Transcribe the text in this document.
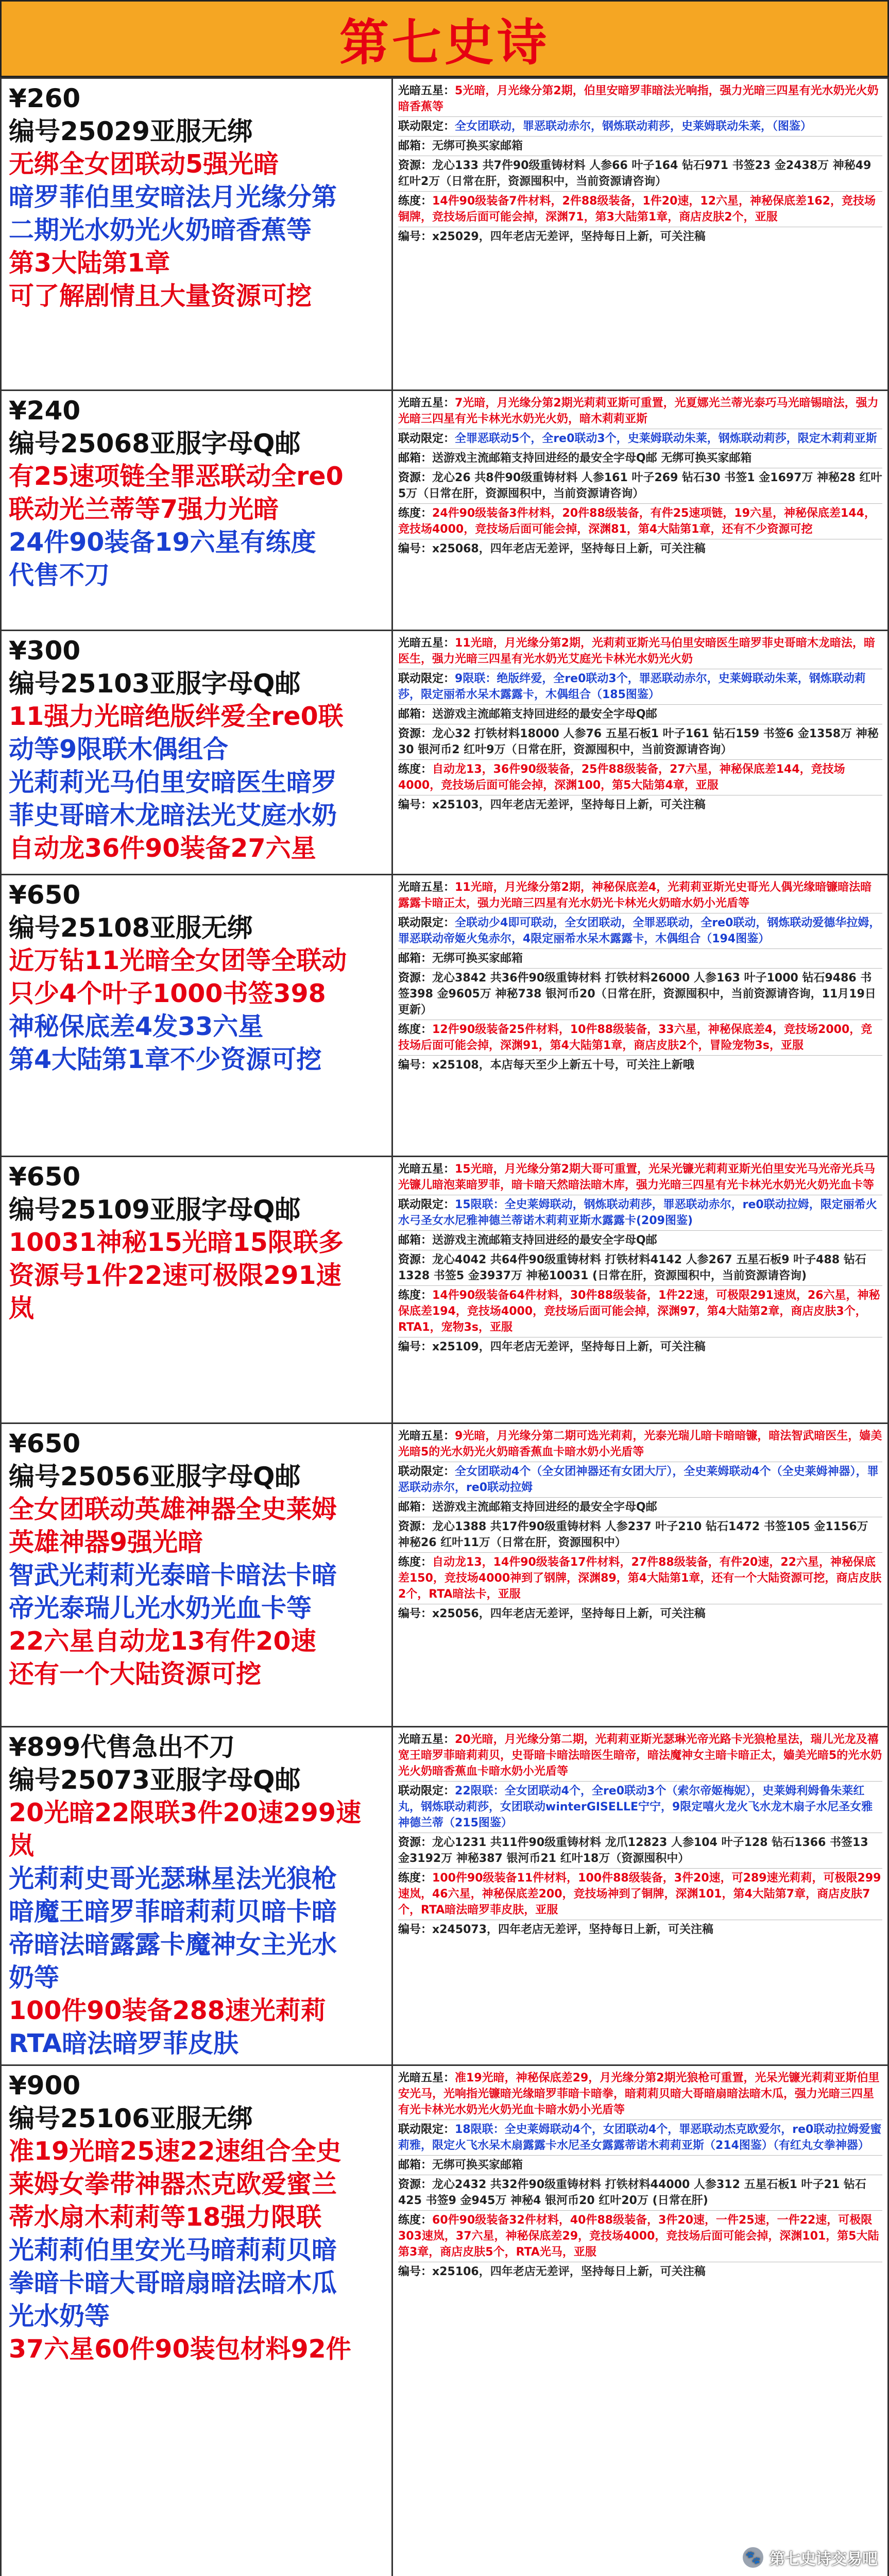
第七史诗
¥260
编号25029亚服无绑
无绑全女团联动5强光暗
暗罗菲伯里安暗法月光缘分第
二期光水奶光火奶暗香蕉等
第3大陆第1章
可了解剧情且大量资源可挖
光暗五星：5光暗，月光缘分第2期，伯里安暗罗菲暗法光响指，强力光暗三四星有光水奶光火奶暗香蕉等
联动限定：全女团联动，罪恶联动赤尔，钢炼联动莉莎，史莱姆联动朱莱，（图鉴）
邮箱：无绑可换买家邮箱
资源：龙心133 共7件90级重铸材料 人参66 叶子164 钻石971 书签23 金2438万 神秘49 红叶2万（日常在肝，资源囤积中，当前资源请咨询）
练度：14件90级装备7件材料，2件88级装备，1件20速，12六星，神秘保底差162，竞技场铜牌，竞技场后面可能会掉，深渊71，第3大陆第1章，商店皮肤2个，亚服
编号：x25029，四年老店无差评，坚持每日上新，可关注稿
¥240
编号25068亚服字母Q邮
有25速项链全罪恶联动全re0
联动光兰蒂等7强力光暗
24件90装备19六星有练度
代售不刀
光暗五星：7光暗，月光缘分第2期光莉莉亚斯可重置，光夏娜光兰蒂光泰巧马光暗锡暗法，强力光暗三四星有光卡林光水奶光火奶，暗木莉莉亚斯
联动限定：全罪恶联动5个，全re0联动3个，史莱姆联动朱莱，钢炼联动莉莎，限定木莉莉亚斯
邮箱：送游戏主流邮箱支持回进经的最安全字母Q邮 无绑可换买家邮箱
资源：龙心26 共8件90级重铸材料 人参161 叶子269 钻石30 书签1 金1697万 神秘28 红叶5万（日常在肝，资源囤积中，当前资源请咨询）
练度：24件90级装备3件材料，20件88级装备，有件25速项链，19六星，神秘保底差144，竞技场4000，竞技场后面可能会掉，深渊81，第4大陆第1章，还有不少资源可挖
编号：x25068，四年老店无差评，坚持每日上新，可关注稿
¥300
编号25103亚服字母Q邮
11强力光暗绝版绊爱全re0联
动等9限联木偶组合
光莉莉光马伯里安暗医生暗罗
菲史哥暗木龙暗法光艾庭水奶
自动龙36件90装备27六星
光暗五星：11光暗，月光缘分第2期，光莉莉亚斯光马伯里安暗医生暗罗菲史哥暗木龙暗法，暗医生，强力光暗三四星有光水奶光艾庭光卡林光水奶光火奶
联动限定：9限联：绝版绊爱，全re0联动3个，罪恶联动赤尔，史莱姆联动朱莱，钢炼联动莉莎，限定丽希水呆木露露卡，木偶组合（185图鉴）
邮箱：送游戏主流邮箱支持回进经的最安全字母Q邮
资源：龙心32 打铁材料18000 人参76 五星石板1 叶子161 钻石159 书签6 金1358万 神秘30 银河币2 红叶9万（日常在肝，资源囤积中，当前资源请咨询）
练度：自动龙13，36件90级装备，25件88级装备，27六星，神秘保底差144，竞技场4000，竞技场后面可能会掉，深渊100，第5大陆第4章，亚服
编号：x25103，四年老店无差评，坚持每日上新，可关注稿
¥650
编号25108亚服无绑
近万钻11光暗全女团等全联动
只少4个叶子1000书签398
神秘保底差4发33六星
第4大陆第1章不少资源可挖
光暗五星：11光暗，月光缘分第2期，神秘保底差4，光莉莉亚斯光史哥光人偶光缘暗镰暗法暗露露卡暗正太，强力光暗三四星有光水奶光卡林光火奶暗水奶小光盾等
联动限定：全联动少4即可联动，全女团联动，全罪恶联动，全re0联动，钢炼联动爱德华拉姆，罪恶联动帝姬火兔赤尔，4限定丽希水呆木露露卡，木偶组合（194图鉴）
邮箱：无绑可换买家邮箱
资源：龙心3842 共36件90级重铸材料 打铁材料26000 人参163 叶子1000 钻石9486 书签398 金9605万 神秘738 银河币20（日常在肝，资源囤积中，当前资源请咨询，11月19日更新）
练度：12件90级装备25件材料，10件88级装备，33六星，神秘保底差4，竞技场2000，竞技场后面可能会掉，深渊91，第4大陆第1章，商店皮肤2个，冒险宠物3s，亚服
编号：x25108，本店每天至少上新五十号，可关注上新哦
¥650
编号25109亚服字母Q邮
10031神秘15光暗15限联多
资源号1件22速可极限291速
岚
光暗五星：15光暗，月光缘分第2期大哥可重置，光呆光镰光莉莉亚斯光伯里安光马光帝光兵马光镰儿暗泡莱暗罗菲，暗卡暗天然暗法暗木库，强力光暗三四星有光卡林光水奶光火奶光血卡等
联动限定：15限联：全史莱姆联动，钢炼联动莉莎，罪恶联动赤尔，re0联动拉姆，限定丽希火水弓圣女水尼雅神德兰蒂诺木莉莉亚斯水露露卡(209图鉴)
邮箱：送游戏主流邮箱支持回进经的最安全字母Q邮
资源：龙心4042 共64件90级重铸材料 打铁材料4142 人参267 五星石板9 叶子488 钻石1328 书签5 金3937万 神秘10031 (日常在肝，资源囤积中，当前资源请咨询)
练度：14件90级装备64件材料，30件88级装备，1件22速，可极限291速岚，26六星，神秘保底差194，竞技场4000，竞技场后面可能会掉，深渊97，第4大陆第2章，商店皮肤3个，RTA1，宠物3s，亚服
编号：x25109，四年老店无差评，坚持每日上新，可关注稿
¥650
编号25056亚服字母Q邮
全女团联动英雄神器全史莱姆
英雄神器9强光暗
智武光莉莉光泰暗卡暗法卡暗
帝光泰瑞儿光水奶光血卡等
22六星自动龙13有件20速
还有一个大陆资源可挖
光暗五星：9光暗，月光缘分第二期可选光莉莉，光泰光瑞儿暗卡暗暗镰，暗法智武暗医生，嫱美光暗5的光水奶光火奶暗香蕉血卡暗水奶小光盾等
联动限定：全女团联动4个（全女团神器还有女团大厅），全史莱姆联动4个（全史莱姆神器），罪恶联动赤尔，re0联动拉姆
邮箱：送游戏主流邮箱支持回进经的最安全字母Q邮
资源：龙心1388 共17件90级重铸材料 人参237 叶子210 钻石1472 书签105 金1156万 神秘26 红叶11万（日常在肝，资源囤积中）
练度：自动龙13，14件90级装备17件材料，27件88级装备，有件20速，22六星，神秘保底差150，竞技场4000神到了钢牌，深渊89，第4大陆第1章，还有一个大陆资源可挖，商店皮肤2个，RTA暗法卡，亚服
编号：x25056，四年老店无差评，坚持每日上新，可关注稿
¥899代售急出不刀
编号25073亚服字母Q邮
20光暗22限联3件20速299速
岚
光莉莉史哥光瑟琳星法光狼枪
暗魔王暗罗菲暗莉莉贝暗卡暗
帝暗法暗露露卡魔神女主光水
奶等
100件90装备288速光莉莉
RTA暗法暗罗菲皮肤
光暗五星：20光暗，月光缘分第二期，光莉莉亚斯光瑟琳光帝光路卡光狼枪星法，瑞儿光龙及禧宽王暗罗菲暗莉莉贝，史哥暗卡暗法暗医生暗帝，暗法魔神女主暗卡暗正太，嫱美光暗5的光水奶光火奶暗香蕉血卡暗水奶小光盾等
联动限定：22限联：全女团联动4个，全re0联动3个（索尔帝姬梅妮），史莱姆利姆鲁朱莱红丸，钢炼联动莉莎，女团联动winterGISELLE宁宁，9限定嘻火龙火飞水龙木扇子水尼圣女雅神德兰蒂（215图鉴）
资源：龙心1231 共11件90级重铸材料 龙爪12823 人参104 叶子128 钻石1366 书签13 金3192万 神秘387 银河币21 红叶18万（资源囤积中）
练度：100件90级装备11件材料，100件88级装备，3件20速，可289速光莉莉，可极限299速岚，46六星，神秘保底差200，竞技场神到了铜牌，深渊101，第4大陆第7章，商店皮肤7个，RTA暗法暗罗菲皮肤，亚服
编号：x245073，四年老店无差评，坚持每日上新，可关注稿
¥900
编号25106亚服无绑
准19光暗25速22速组合全史
莱姆女拳带神器杰克欧爱蜜兰
蒂水扇木莉莉等18强力限联
光莉莉伯里安光马暗莉莉贝暗
拳暗卡暗大哥暗扇暗法暗木瓜
光水奶等
37六星60件90装包材料92件
光暗五星：准19光暗，神秘保底差29，月光缘分第2期光狼枪可重置，光呆光镰光莉莉亚斯伯里安光马，光响指光镰暗光缘暗罗菲暗卡暗拳，暗莉莉贝暗大哥暗扇暗法暗木瓜，强力光暗三四星有光卡林光水奶光火奶光血卡暗水奶小光盾等
联动限定：18限联：全史莱姆联动4个，女团联动4个，罪恶联动杰克欧爱尔，re0联动拉姆爱蜜莉雅，限定火飞水呆木扇露露卡水尼圣女露露蒂诺木莉莉亚斯（214图鉴）（有红丸女拳神器）
邮箱：无绑可换买家邮箱
资源：龙心2432 共32件90级重铸材料 打铁材料44000 人参312 五星石板1 叶子21 钻石425 书签9 金945万 神秘4 银河币20 红叶20万 (日常在肝)
练度：60件90级装备32件材料，40件88级装备，3件20速，一件25速，一件22速，可极限303速岚，37六星，神秘保底差29，竞技场4000，竞技场后面可能会掉，深渊101，第5大陆第3章，商店皮肤5个，RTA光马，亚服
编号：x25106，四年老店无差评，坚持每日上新，可关注稿
🐾 第七史诗交易吧
